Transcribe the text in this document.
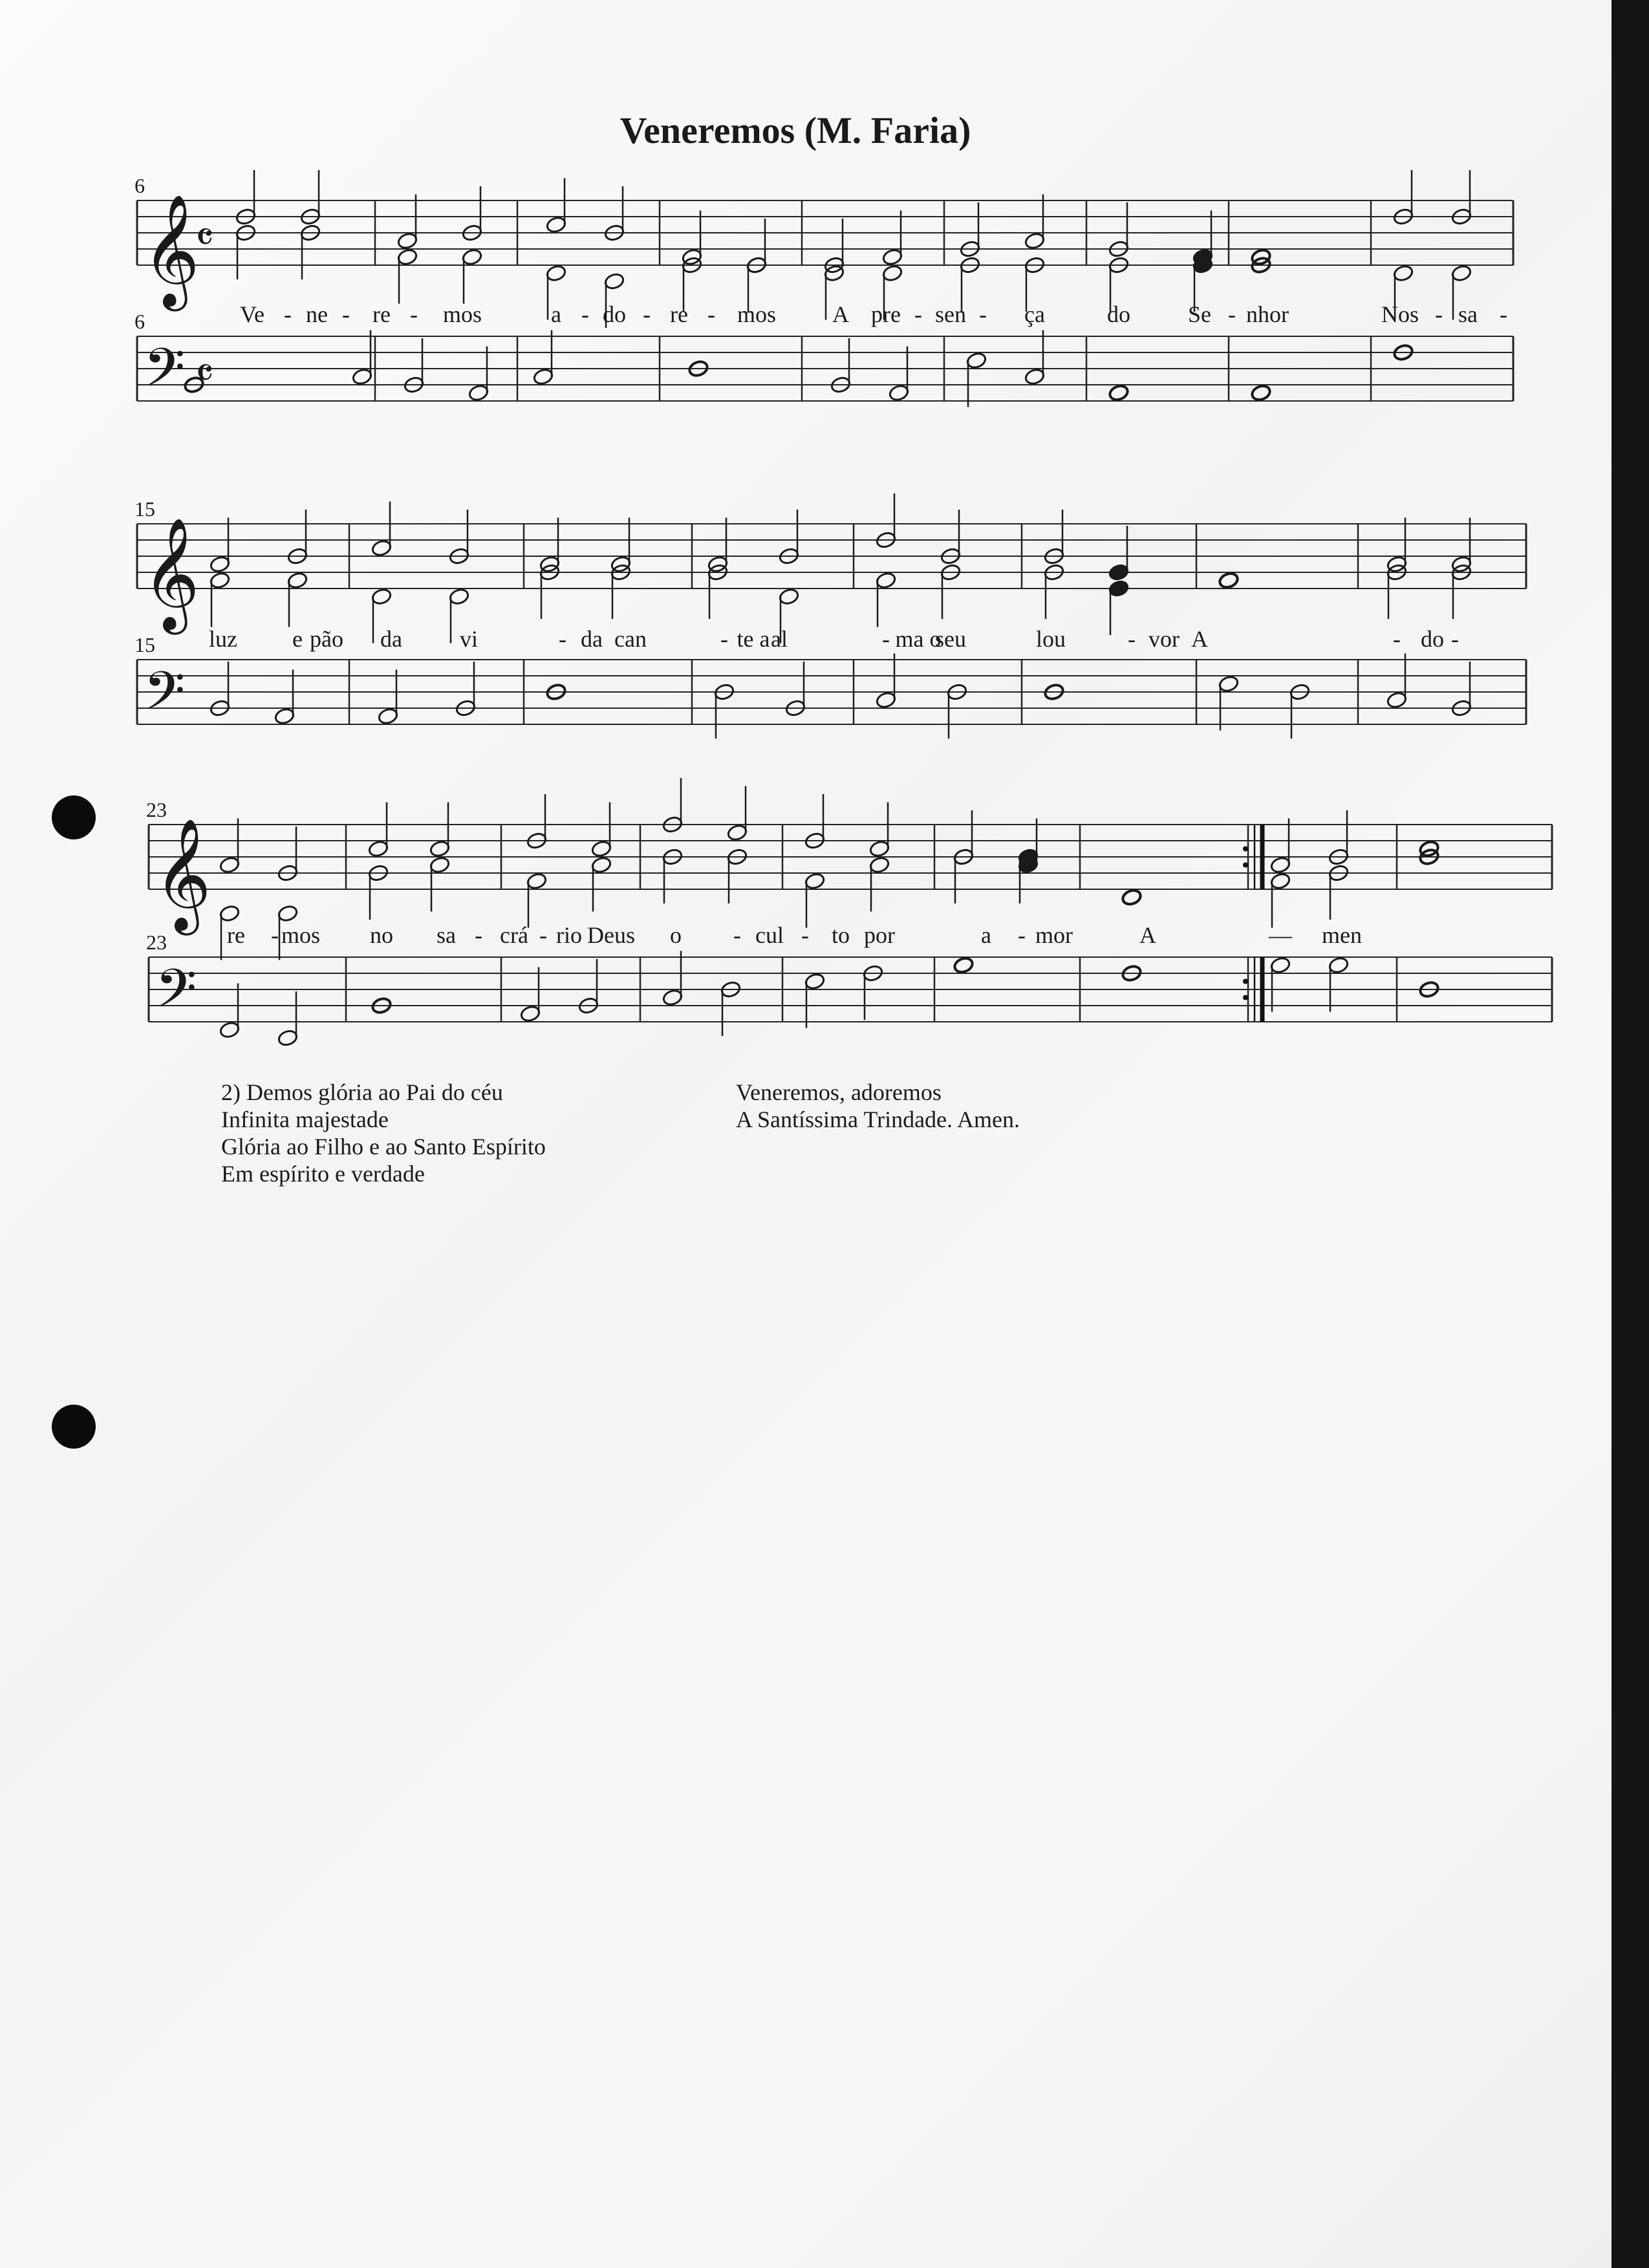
Veneremos (M. Faria)
6
6
𝄞
𝄢
𝄴
𝄴
Ve - ne - re - mos	a - do - re - mos A pre - sen - ça	do Se - nhor	Nos - sa -
15
15
𝄞
𝄢
luz e pão da vi	- da can	- te a al	- ma o
seu	lou	- vor A	- do -
23
23
𝄞
𝄢
re - mos no sa - crá - rio Deus o - cul - to por	a - mor	A	— men
2) Demos glória ao Pai do céu
Infinita majestade
Glória ao Filho e ao Santo Espírito
Em espírito e verdade
Veneremos, adoremos
A Santíssima Trindade. Amen.
